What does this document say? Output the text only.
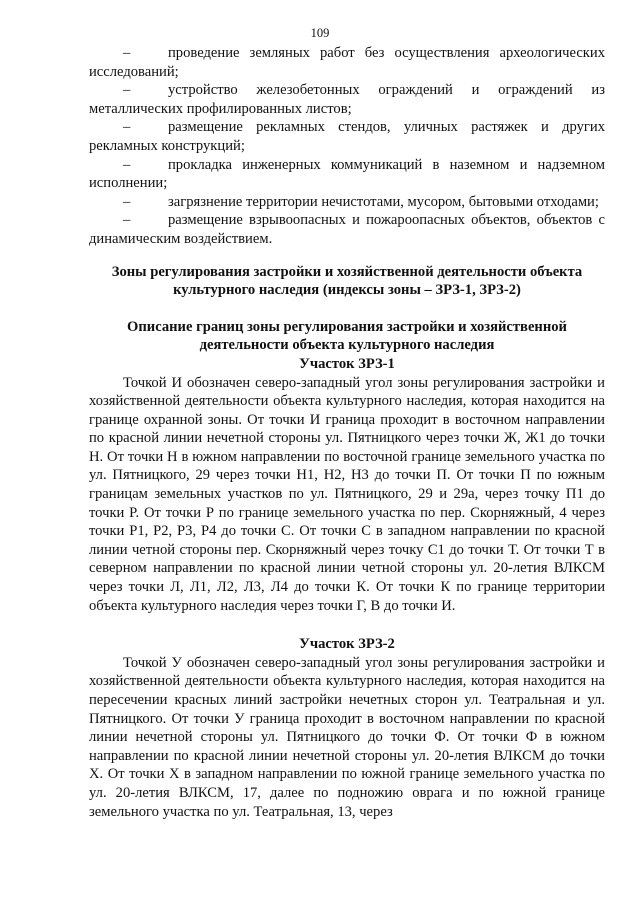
109

–	проведение земляных работ без осуществления археологических исследований;

–	устройство железобетонных ограждений и ограждений из металлических профилированных листов;

–	размещение рекламных стендов, уличных растяжек и других рекламных конструкций;

–	прокладка инженерных коммуникаций в наземном и надземном исполнении;

–	загрязнение территории нечистотами, мусором, бытовыми отходами;

–	размещение взрывоопасных и пожароопасных объектов, объектов с динамическим воздействием.

Зоны регулирования застройки и хозяйственной деятельности объекта культурного наследия (индексы зоны – ЗРЗ-1, ЗРЗ-2)

Описание границ зоны регулирования застройки и хозяйственной деятельности объекта культурного наследия

Участок ЗРЗ-1

Точкой И обозначен северо-западный угол зоны регулирования застройки и хозяйственной деятельности объекта культурного наследия, которая находится на границе охранной зоны. От точки И граница проходит в восточном направлении по красной линии нечетной стороны ул. Пятницкого через точки Ж, Ж1 до точки Н. От точки Н в южном направлении по восточной границе земельного участка по ул. Пятницкого, 29 через точки Н1, Н2, Н3 до точки П. От точки П по южным границам земельных участков по ул. Пятницкого, 29 и 29а, через точку П1 до точки Р. От точки Р по границе земельного участка по пер. Скорняжный, 4 через точки Р1, Р2, Р3, Р4 до точки С. От точки С в западном направлении по красной линии четной стороны пер. Скорняжный через точку С1 до точки Т. От точки Т в северном направлении по красной линии четной стороны ул. 20-летия ВЛКСМ через точки Л, Л1, Л2, Л3, Л4 до точки К. От точки К по границе территории объекта культурного наследия через точки Г, В до точки И.

Участок ЗРЗ-2

Точкой У обозначен северо-западный угол зоны регулирования застройки и хозяйственной деятельности объекта культурного наследия, которая находится на пересечении красных линий застройки нечетных сторон ул. Театральная и ул. Пятницкого. От точки У граница проходит в восточном направлении по красной линии нечетной стороны ул. Пятницкого до точки Ф. От точки Ф в южном направлении по красной линии нечетной стороны ул. 20-летия ВЛКСМ до точки Х. От точки Х в западном направлении по южной границе земельного участка по ул. 20-летия ВЛКСМ, 17, далее по подножию оврага и по южной границе земельного участка по ул. Театральная, 13, через
